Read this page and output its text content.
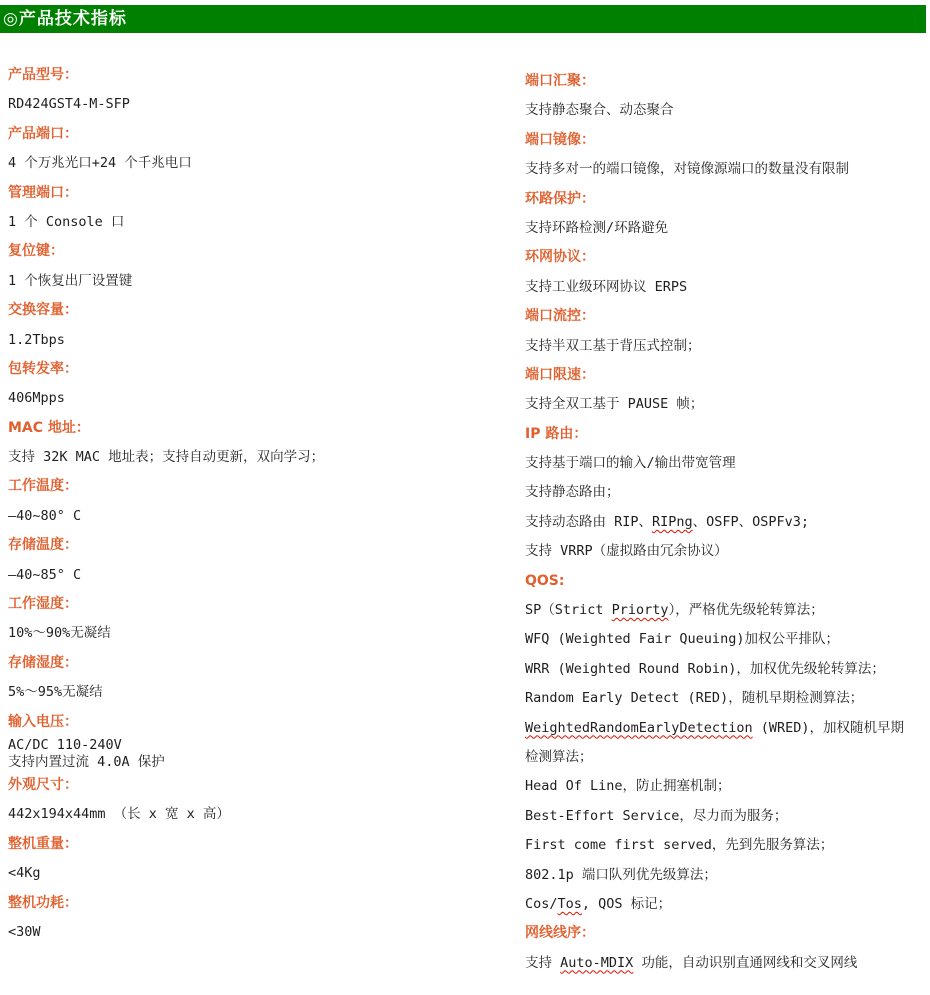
◎产品技术指标
产品型号：
RD424GST4-M-SFP
产品端口：
4 个万兆光口+24 个千兆电口
管理端口：
1 个 Console 口
复位键：
1 个恢复出厂设置键
交换容量：
1.2Tbps
包转发率：
406Mpps
MAC 地址：
支持 32K MAC 地址表；支持自动更新，双向学习；
工作温度：
—40~80° C
存储温度：
—40~85° C
工作湿度：
10%～90%无凝结
存储湿度：
5%～95%无凝结
输入电压：
AC/DC 110-240V
支持内置过流 4.0A 保护
外观尺寸：
442x194x44mm （长 x 宽 x 高）
整机重量：
<4Kg
整机功耗：
<30W
端口汇聚：
支持静态聚合、动态聚合
端口镜像：
支持多对一的端口镜像，对镜像源端口的数量没有限制
环路保护：
支持环路检测/环路避免
环网协议：
支持工业级环网协议 ERPS
端口流控：
支持半双工基于背压式控制；
端口限速：
支持全双工基于 PAUSE 帧；
IP 路由：
支持基于端口的输入/输出带宽管理
支持静态路由；
支持动态路由 RIP、RIPng、OSFP、OSPFv3;
支持 VRRP（虚拟路由冗余协议）
QOS:
SP（Strict Priorty），严格优先级轮转算法；
WFQ (Weighted Fair Queuing)加权公平排队；
WRR (Weighted Round Robin)，加权优先级轮转算法；
Random Early Detect (RED)，随机早期检测算法；
WeightedRandomEarlyDetection (WRED)，加权随机早期
检测算法；
Head Of Line，防止拥塞机制；
Best-Effort Service，尽力而为服务；
First come first served，先到先服务算法；
802.1p 端口队列优先级算法；
Cos/Tos, QOS 标记；
网线线序：
支持 Auto-MDIX 功能，自动识别直通网线和交叉网线
